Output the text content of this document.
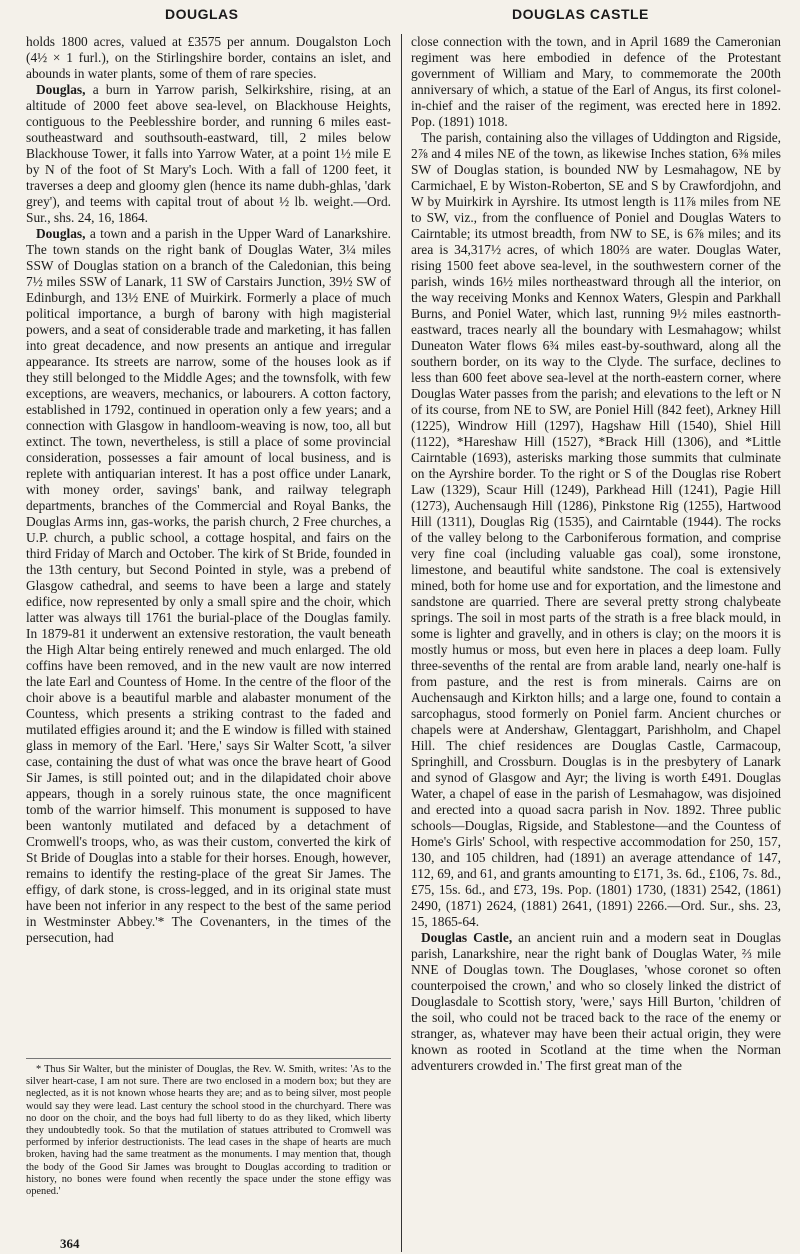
DOUGLAS	DOUGLAS CASTLE

holds 1800 acres, valued at £3575 per annum. Dougalston Loch (4½ × 1 furl.), on the Stirlingshire border, contains an islet, and abounds in water plants, some of them of rare species.

Douglas, a burn in Yarrow parish, Selkirkshire, rising, at an altitude of 2000 feet above sea-level, on Blackhouse Heights, contiguous to the Peeblesshire border, and running 6 miles east-southeastward and southsouth-eastward, till, 2 miles below Blackhouse Tower, it falls into Yarrow Water, at a point 1½ mile E by N of the foot of St Mary's Loch. With a fall of 1200 feet, it traverses a deep and gloomy glen (hence its name dubh-ghlas, 'dark grey'), and teems with capital trout of about ½ lb. weight.—Ord. Sur., shs. 24, 16, 1864.

Douglas, a town and a parish in the Upper Ward of Lanarkshire. The town stands on the right bank of Douglas Water, 3¼ miles SSW of Douglas station on a branch of the Caledonian, this being 7½ miles SSW of Lanark, 11 SW of Carstairs Junction, 39½ SW of Edinburgh, and 13½ ENE of Muirkirk. Formerly a place of much political importance, a burgh of barony with high magisterial powers, and a seat of considerable trade and marketing, it has fallen into great decadence, and now presents an antique and irregular appearance. Its streets are narrow, some of the houses look as if they still belonged to the Middle Ages; and the townsfolk, with few exceptions, are weavers, mechanics, or labourers. A cotton factory, established in 1792, continued in operation only a few years; and a connection with Glasgow in handloom-weaving is now, too, all but extinct. The town, nevertheless, is still a place of some provincial consideration, possesses a fair amount of local business, and is replete with antiquarian interest. It has a post office under Lanark, with money order, savings' bank, and railway telegraph departments, branches of the Commercial and Royal Banks, the Douglas Arms inn, gas-works, the parish church, 2 Free churches, a U.P. church, a public school, a cottage hospital, and fairs on the third Friday of March and October. The kirk of St Bride, founded in the 13th century, but Second Pointed in style, was a prebend of Glasgow cathedral, and seems to have been a large and stately edifice, now represented by only a small spire and the choir, which latter was always till 1761 the burial-place of the Douglas family. In 1879-81 it underwent an extensive restoration, the vault beneath the High Altar being entirely renewed and much enlarged. The old coffins have been removed, and in the new vault are now interred the late Earl and Countess of Home. In the centre of the floor of the choir above is a beautiful marble and alabaster monument of the Countess, which presents a striking contrast to the faded and mutilated effigies around it; and the E window is filled with stained glass in memory of the Earl. 'Here,' says Sir Walter Scott, 'a silver case, containing the dust of what was once the brave heart of Good Sir James, is still pointed out; and in the dilapidated choir above appears, though in a sorely ruinous state, the once magnificent tomb of the warrior himself. This monument is supposed to have been wantonly mutilated and defaced by a detachment of Cromwell's troops, who, as was their custom, converted the kirk of St Bride of Douglas into a stable for their horses. Enough, however, remains to identify the resting-place of the great Sir James. The effigy, of dark stone, is cross-legged, and in its original state must have been not inferior in any respect to the best of the same period in Westminster Abbey.'* The Covenanters, in the times of the persecution, had

* Thus Sir Walter, but the minister of Douglas, the Rev. W. Smith, writes: 'As to the silver heart-case, I am not sure. There are two enclosed in a modern box; but they are neglected, as it is not known whose hearts they are; and as to being silver, most people would say they were lead. Last century the school stood in the churchyard. There was no door on the choir, and the boys had full liberty to do as they liked, which liberty they undoubtedly took. So that the mutilation of statues attributed to Cromwell was performed by inferior destructionists. The lead cases in the shape of hearts are much broken, having had the same treatment as the monuments. I may mention that, though the body of the Good Sir James was brought to Douglas according to tradition or history, no bones were found when recently the space under the stone effigy was opened.'

364

close connection with the town, and in April 1689 the Cameronian regiment was here embodied in defence of the Protestant government of William and Mary, to commemorate the 200th anniversary of which, a statue of the Earl of Angus, its first colonel-in-chief and the raiser of the regiment, was erected here in 1892. Pop. (1891) 1018.

The parish, containing also the villages of Uddington and Rigside, 2⅞ and 4 miles NE of the town, as likewise Inches station, 6⅜ miles SW of Douglas station, is bounded NW by Lesmahagow, NE by Carmichael, E by Wiston-Roberton, SE and S by Crawfordjohn, and W by Muirkirk in Ayrshire. Its utmost length is 11⅞ miles from NE to SW, viz., from the confluence of Poniel and Douglas Waters to Cairntable; its utmost breadth, from NW to SE, is 6⅞ miles; and its area is 34,317½ acres, of which 180⅔ are water. Douglas Water, rising 1500 feet above sea-level, in the southwestern corner of the parish, winds 16½ miles northeastward through all the interior, on the way receiving Monks and Kennox Waters, Glespin and Parkhall Burns, and Poniel Water, which last, running 9½ miles eastnorth-eastward, traces nearly all the boundary with Lesmahagow; whilst Duneaton Water flows 6¾ miles east-by-southward, along all the southern border, on its way to the Clyde. The surface, declines to less than 600 feet above sea-level at the north-eastern corner, where Douglas Water passes from the parish; and elevations to the left or N of its course, from NE to SW, are Poniel Hill (842 feet), Arkney Hill (1225), Windrow Hill (1297), Hagshaw Hill (1540), Shiel Hill (1122), *Hareshaw Hill (1527), *Brack Hill (1306), and *Little Cairntable (1693), asterisks marking those summits that culminate on the Ayrshire border. To the right or S of the Douglas rise Robert Law (1329), Scaur Hill (1249), Parkhead Hill (1241), Pagie Hill (1273), Auchensaugh Hill (1286), Pinkstone Rig (1255), Hartwood Hill (1311), Douglas Rig (1535), and Cairntable (1944). The rocks of the valley belong to the Carboniferous formation, and comprise very fine coal (including valuable gas coal), some ironstone, limestone, and beautiful white sandstone. The coal is extensively mined, both for home use and for exportation, and the limestone and sandstone are quarried. There are several pretty strong chalybeate springs. The soil in most parts of the strath is a free black mould, in some is lighter and gravelly, and in others is clay; on the moors it is mostly humus or moss, but even here in places a deep loam. Fully three-sevenths of the rental are from arable land, nearly one-half is from pasture, and the rest is from minerals. Cairns are on Auchensaugh and Kirkton hills; and a large one, found to contain a sarcophagus, stood formerly on Poniel farm. Ancient churches or chapels were at Andershaw, Glentaggart, Parishholm, and Chapel Hill. The chief residences are Douglas Castle, Carmacoup, Springhill, and Crossburn. Douglas is in the presbytery of Lanark and synod of Glasgow and Ayr; the living is worth £491. Douglas Water, a chapel of ease in the parish of Lesmahagow, was disjoined and erected into a quoad sacra parish in Nov. 1892. Three public schools—Douglas, Rigside, and Stablestone—and the Countess of Home's Girls' School, with respective accommodation for 250, 157, 130, and 105 children, had (1891) an average attendance of 147, 112, 69, and 61, and grants amounting to £171, 3s. 6d., £106, 7s. 8d., £75, 15s. 6d., and £73, 19s. Pop. (1801) 1730, (1831) 2542, (1861) 2490, (1871) 2624, (1881) 2641, (1891) 2266.—Ord. Sur., shs. 23, 15, 1865-64.

Douglas Castle, an ancient ruin and a modern seat in Douglas parish, Lanarkshire, near the right bank of Douglas Water, ⅔ mile NNE of Douglas town. The Douglases, 'whose coronet so often counterpoised the crown,' and who so closely linked the district of Douglasdale to Scottish story, 'were,' says Hill Burton, 'children of the soil, who could not be traced back to the race of the enemy or stranger, as, whatever may have been their actual origin, they were known as rooted in Scotland at the time when the Norman adventurers crowded in.' The first great man of the
